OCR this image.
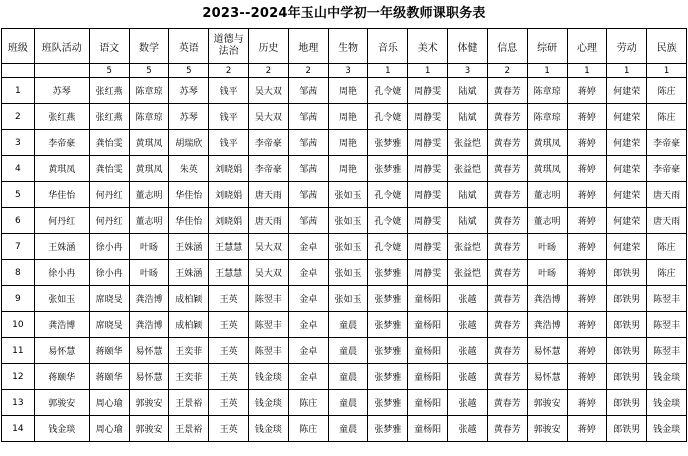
2023--2024年玉山中学初一年级教师课职务表
班级	班队活动	语文	数学	英语	道德与法治	历史	地理	生物	音乐	美术	体健	信息	综研	心理	劳动	民族
		5	5	5	2	2	2	3	1	1	3	2	1	1	1	1
1	苏琴	张红燕	陈章琼	苏琴	钱平	吴大双	邹茜	周艳	孔令婕	周静雯	陆斌	黄春芳	陈章琼	蒋婷	何建荣	陈庄
2	张红燕	张红燕	陈章琼	苏琴	钱平	吴大双	邹茜	周艳	孔令婕	周静雯	陆斌	黄春芳	陈章琼	蒋婷	何建荣	陈庄
3	李帝豪	龚怡雯	黄琪凤	胡瑞欣	钱平	李帝豪	邹茜	周艳	张梦雅	周静雯	张益恺	黄春芳	黄琪凤	蒋婷	何建荣	李帝豪
4	黄琪凤	龚怡雯	黄琪凤	朱英	刘晓娟	李帝豪	邹茜	周艳	张梦雅	周静雯	张益恺	黄春芳	黄琪凤	蒋婷	何建荣	李帝豪
5	华佳怡	何丹红	董志明	华佳怡	刘晓娟	唐天雨	邹茜	张如玉	孔令婕	周静雯	陆斌	黄春芳	董志明	蒋婷	何建荣	唐天雨
6	何丹红	何丹红	董志明	华佳怡	刘晓娟	唐天雨	邹茜	张如玉	孔令婕	周静雯	陆斌	黄春芳	董志明	蒋婷	何建荣	唐天雨
7	王姝涵	徐小冉	叶旸	王姝涵	王慧慧	吴大双	金卓	张如玉	孔令婕	周静雯	张益恺	黄春芳	叶旸	蒋婷	何建荣	陈庄
8	徐小冉	徐小冉	叶旸	王姝涵	王慧慧	吴大双	金卓	张如玉	张梦雅	周静雯	张益恺	黄春芳	叶旸	蒋婷	郎铁男	陈庄
9	张如玉	席晓旻	龚浩博	成柏颖	王英	陈翌丰	金卓	张如玉	张梦雅	童杨阳	张越	黄春芳	龚浩博	蒋婷	郎铁男	陈翌丰
10	龚浩博	席晓旻	龚浩博	成柏颖	王英	陈翌丰	金卓	童晨	张梦雅	童杨阳	张越	黄春芳	龚浩博	蒋婷	郎铁男	陈翌丰
11	易怀慧	蒋颐华	易怀慧	王奕菲	王英	陈翌丰	金卓	童晨	张梦雅	童杨阳	张越	黄春芳	易怀慧	蒋婷	郎铁男	陈翌丰
12	蒋颐华	蒋颐华	易怀慧	王奕菲	王英	钱金琰	金卓	童晨	张梦雅	童杨阳	张越	黄春芳	易怀慧	蒋婷	郎铁男	钱金琰
13	郭骏安	周心瑜	郭骏安	王景裕	王英	钱金琰	陈庄	童晨	张梦雅	童杨阳	张越	黄春芳	郭骏安	蒋婷	郎铁男	钱金琰
14	钱金琰	周心瑜	郭骏安	王景裕	王英	钱金琰	陈庄	童晨	张梦雅	童杨阳	张越	黄春芳	郭骏安	蒋婷	郎铁男	钱金琰
